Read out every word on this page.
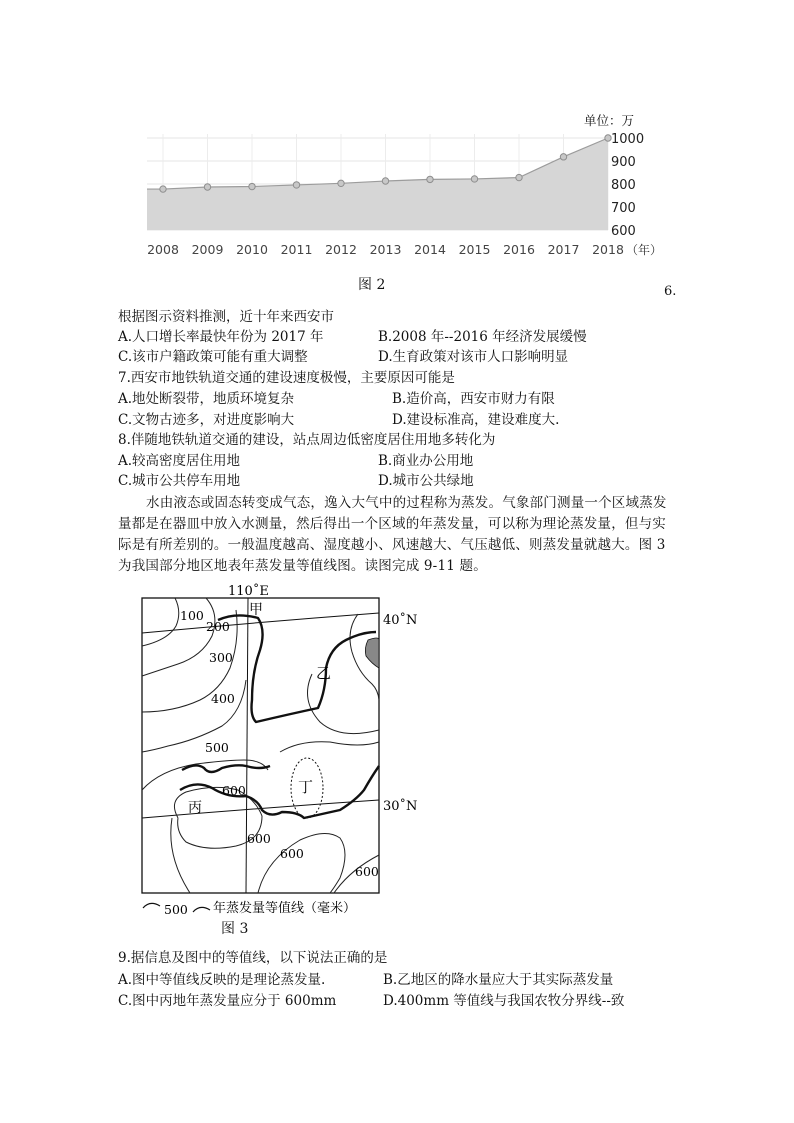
单位：万
600
700
800
900
1000
2008 2009 2010 2011 2012 2013 2014 2015 2016 2017 2018 （年）
图 2	6.
根据图示资料推测，近十年来西安市
A.人口增长率最快年份为 2017 年	B.2008 年--2016 年经济发展缓慢
C.该市户籍政策可能有重大调整	D.生育政策对该市人口影响明显
7.西安市地铁轨道交通的建设速度极慢，主要原因可能是
A.地处断裂带，地质环境复杂	B.造价高，西安市财力有限
C.文物古迹多，对进度影响大	D.建设标准高，建设难度大.
8.伴随地铁轨道交通的建设，站点周边低密度居住用地多转化为
A.较高密度居住用地	B.商业办公用地
C.城市公共停车用地	D.城市公共绿地
水由液态或固态转变成气态，逸入大气中的过程称为蒸发。气象部门测量一个区域蒸发量都是在器皿中放入水测量，然后得出一个区域的年蒸发量，可以称为理论蒸发量，但与实际是有所差别的。一般温度越高、湿度越小、风速越大、气压越低、则蒸发量就越大。图 3 为我国部分地区地表年蒸发量等值线图。读图完成 9-11 题。
110˚E
40˚N
30˚N
甲
乙
丙
丁
100
200
300
400
500
600
600
600
600
500 年蒸发量等值线（毫米）
图 3
9.据信息及图中的等值线，以下说法正确的是
A.图中等值线反映的是理论蒸发量.	B.乙地区的降水量应大于其实际蒸发量
C.图中丙地年蒸发量应分于 600mm	D.400mm 等值线与我国农牧分界线--致
